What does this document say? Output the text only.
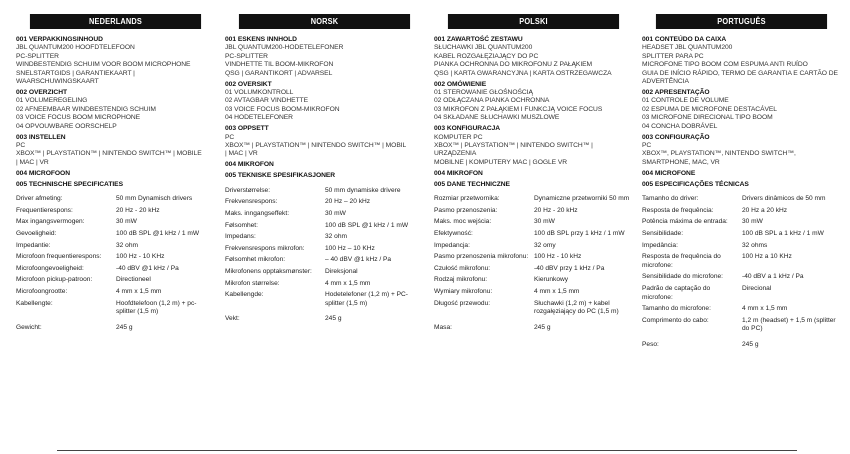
NEDERLANDS
001 VERPAKKINGSINHOUD
JBL QUANTUM200 HOOFDTELEFOON
PC-SPLITTER
WINDBESTENDIG SCHUIM VOOR BOOM MICROPHONE
SNELSTARTGIDS | GARANTIEKAART | WAARSCHUWINGSKAART
002 OVERZICHT
01 VOLUMEREGELING
02 AFNEEMBAAR WINDBESTENDIG SCHUIM
03 VOICE FOCUS BOOM MICROPHONE
04 OPVOUWBARE OORSCHELP
003 INSTELLEN
PC
XBOX™ | PLAYSTATION™ | NINTENDO SWITCH™ | MOBILE
| MAC | VR
004 MICROFOON
005 TECHNISCHE SPECIFICATIES
Driver afmeting:	50 mm Dynamisch drivers
Frequentierespons:	20 Hz - 20 kHz
Max ingangsvermogen:	30 mW
Gevoeligheid:	100 dB SPL @1 kHz / 1 mW
Impedantie:	32 ohm
Microfoon frequentierespons:	100 Hz - 10 KHz
Microfoongevoeligheid:	-40 dBV @1 kHz / Pa
Microfoon pickup-patroon:	Directioneel
Microfoongrootte:	4 mm x 1,5 mm
Kabellengte:	Hoofdtelefoon (1,2 m) + pc-splitter (1,5 m)
Gewicht:	245 g
NORSK
001 ESKENS INNHOLD
JBL QUANTUM200-HODETELEFONER
PC-SPLITTER
VINDHETTE TIL BOOM-MIKROFON
QSG | GARANTIKORT | ADVARSEL
002 OVERSIKT
01 VOLUMKONTROLL
02 AVTAGBAR VINDHETTE
03 VOICE FOCUS BOOM-MIKROFON
04 HODETELEFONER
003 OPPSETT
PC
XBOX™ | PLAYSTATION™ | NINTENDO SWITCH™ | MOBIL
| MAC | VR
004 MIKROFON
005 TEKNISKE SPESIFIKASJONER
Driverstørrelse:	50 mm dynamiske drivere
Frekvensrespons:	20 Hz – 20 kHz
Maks. inngangseffekt:	30 mW
Følsomhet:	100 dB SPL @1 kHz / 1 mW
Impedans:	32 ohm
Frekvensrespons mikrofon:	100 Hz – 10 KHz
Følsomhet mikrofon:	– 40 dBV @1 kHz / Pa
Mikrofonens opptaksmønster:	Direksjonal
Mikrofon størrelse:	4 mm x 1,5 mm
Kabellengde:	Hodetelefoner (1,2 m) + PC-splitter (1,5 m)
Vekt:	245 g
POLSKI
001 ZAWARTOŚĆ ZESTAWU
SŁUCHAWKI JBL QUANTUM200
KABEL ROZGAŁĘZIAJĄCY DO PC
PIANKA OCHRONNA DO MIKROFONU Z PAŁĄKIEM
QSG | KARTA GWARANCYJNA | KARTA OSTRZEGAWCZA
002 OMÓWIENIE
01 STEROWANIE GŁOŚNOŚCIĄ
02 ODŁĄCZANA PIANKA OCHRONNA
03 MIKROFON Z PAŁĄKIEM I FUNKCJĄ VOICE FOCUS
04 SKŁADANE SŁUCHAWKI MUSZLOWE
003 KONFIGURACJA
KOMPUTER PC
XBOX™ | PLAYSTATION™ | NINTENDO SWITCH™ | URZĄDZENIA
MOBILNE | KOMPUTERY MAC | GOGLE VR
004 MIKROFON
005 DANE TECHNICZNE
Rozmiar przetwornika:	Dynamiczne przetworniki 50 mm
Pasmo przenoszenia:	20 Hz - 20 kHz
Maks. moc wejścia:	30 mW
Efektywność:	100 dB SPL przy 1 kHz / 1 mW
Impedancja:	32 omy
Pasmo przenoszenia mikrofonu:	100 Hz - 10 kHz
Czułość mikrofonu:	-40 dBV przy 1 kHz / Pa
Rodzaj mikrofonu:	Kierunkowy
Wymiary mikrofonu:	4 mm x 1,5 mm
Długość przewodu:	Słuchawki (1,2 m) + kabel rozgałęziający do PC (1,5 m)
Masa:	245 g
PORTUGUÊS
001 CONTEÚDO DA CAIXA
HEADSET JBL QUANTUM200
SPLITTER PARA PC
MICROFONE TIPO BOOM COM ESPUMA ANTI RUÍDO
GUIA DE INÍCIO RÁPIDO, TERMO DE GARANTIA E CARTÃO DE ADVERTÊNCIA
002 APRESENTAÇÃO
01 CONTROLE DE VOLUME
02 ESPUMA DE MICROFONE DESTACÁVEL
03 MICROFONE DIRECIONAL TIPO BOOM
04 CONCHA DOBRÁVEL
003 CONFIGURAÇÃO
PC
XBOX™, PLAYSTATION™, NINTENDO SWITCH™, SMARTPHONE, MAC, VR
004 MICROFONE
005 ESPECIFICAÇÕES TÉCNICAS
Tamanho do driver:	Drivers dinâmicos de 50 mm
Resposta de frequência:	20 Hz a 20 kHz
Potência máxima de entrada:	30 mW
Sensibilidade:	100 dB SPL a 1 kHz / 1 mW
Impedância:	32 ohms
Resposta de frequência do microfone:	100 Hz a 10 KHz
Sensibilidade do microfone:	-40 dBV a 1 kHz / Pa
Padrão de captação do microfone:	Direcional
Tamanho do microfone:	4 mm x 1,5 mm
Comprimento do cabo:	1,2 m (headset) + 1,5 m (splitter do PC)
Peso:	245 g
